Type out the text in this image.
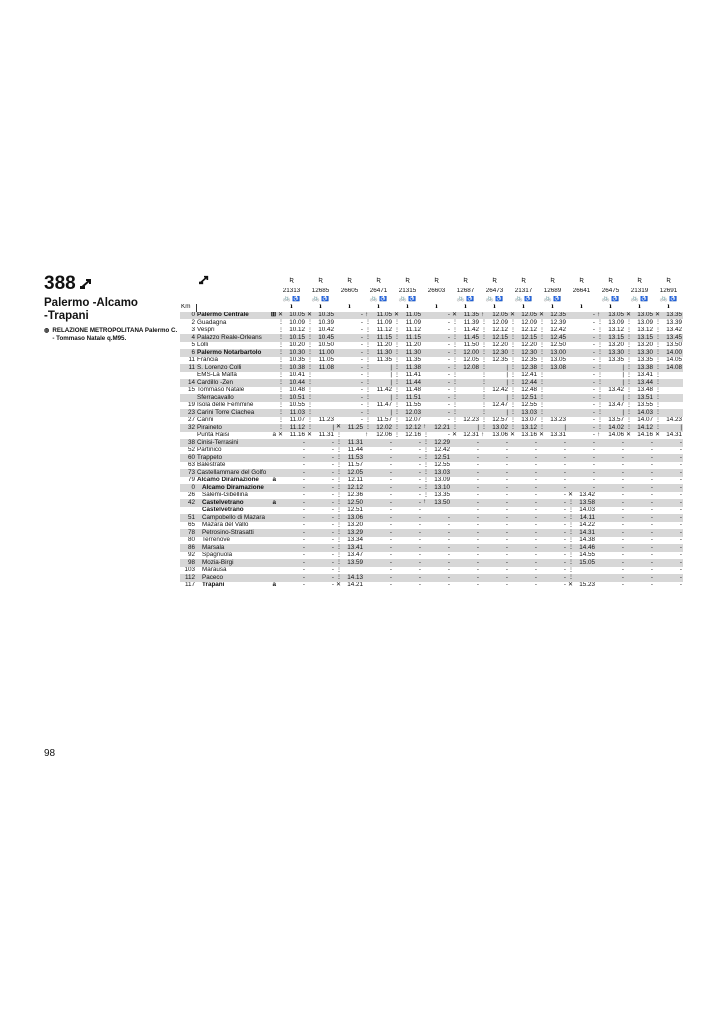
388
Palermo -Alcamo
-Trapani
◍ RELAZIONE METROPOLITANA Palermo C. - Tommaso Natale q.M95.
	Ʀ	Ʀ	Ʀ	Ʀ	Ʀ	Ʀ	Ʀ	Ʀ	Ʀ	Ʀ	Ʀ	Ʀ	Ʀ	Ʀ
		21313	12685	26605	26471	21315	26603	12687	26473	21317	12689	26641	26475	21319	12691
		🚲 ♿	🚲 ♿		🚲 ♿	🚲 ♿		🚲 ♿	🚲 ♿	🚲 ♿	🚲 ♿		🚲 ♿	🚲 ♿	🚲 ♿
Km		ℹ	ℹ	ℹ	ℹ	ℹ	ℹ	ℹ	ℹ	ℹ	ℹ	ℹ	ℹ	ℹ	ℹ
0	Palermo Centrale ⊞	✕ 10.05	✕ 10.35	-	↑ 11.05	✕ 11.05	-	✕ 11.35	↑ 12.05	✕ 12.05	✕ 12.35	-	↑ 13.05	✕ 13.05	✕ 13.35

2	Guadagna	⋮ 10.09	⋮ 10.39	-	⋮ 11.09	⋮ 11.09	-	⋮ 11.39	⋮ 12.09	⋮ 12.09	⋮ 12.39	-	⋮ 13.09	⋮ 13.09	⋮ 13.39

3	Vespri	⋮ 10.12	⋮ 10.42	-	⋮ 11.12	⋮ 11.12	-	⋮ 11.42	⋮ 12.12	⋮ 12.12	⋮ 12.42	-	⋮ 13.12	⋮ 13.12	⋮ 13.42

4	Palazzo Reale-Orleans	⋮ 10.15	⋮ 10.45	-	⋮ 11.15	⋮ 11.15	-	⋮ 11.45	⋮ 12.15	⋮ 12.15	⋮ 12.45	-	⋮ 13.15	⋮ 13.15	⋮ 13.45

5	Lolli	⋮ 10.20	⋮ 10.50	-	⋮ 11.20	⋮ 11.20	-	⋮ 11.50	⋮ 12.20	⋮ 12.20	⋮ 12.50	-	⋮ 13.20	⋮ 13.20	⋮ 13.50

6	Palermo Notarbartolo	⋮ 10.30	⋮ 11.00	-	⋮ 11.30	⋮ 11.30	-	⋮ 12.00	⋮ 12.30	⋮ 12.30	⋮ 13.00	-	⋮ 13.30	⋮ 13.30	⋮ 14.00

11	Francia	⋮ 10.35	⋮ 11.05	-	⋮ 11.35	⋮ 11.35	-	⋮ 12.05	⋮ 12.35	⋮ 12.35	⋮ 13.05	-	⋮ 13.35	⋮ 13.35	⋮ 14.05

11	S. Lorenzo Colli	⋮ 10.38	⋮ 11.08	-	⋮ |	⋮ 11.38	-	⋮ 12.08	⋮ |	⋮ 12.38	⋮ 13.08	-	⋮ |	⋮ 13.38	⋮ 14.08

	EMS-La Malfa	⋮ 10.41	⋮	-	⋮ |	⋮ 11.41	-	⋮	⋮ |	⋮ 12.41	⋮	-	⋮ |	⋮ 13.41	⋮

14	Cardillo -Zen	⋮ 10.44	⋮	-	⋮ |	⋮ 11.44	-	⋮	⋮ |	⋮ 12.44	⋮	-	⋮ |	⋮ 13.44	⋮

15	Tommaso Natale	⋮ 10.48	⋮	-	⋮ 11.42	⋮ 11.48	-	⋮	⋮ 12.42	⋮ 12.48	⋮	-	⋮ 13.42	⋮ 13.48	⋮

	Sferracavallo	⋮ 10.51	⋮	-	⋮ |	⋮ 11.51	-	⋮	⋮ |	⋮ 12.51	⋮	-	⋮ |	⋮ 13.51	⋮

19	Isola delle Femmine	⋮ 10.55	⋮	-	⋮ 11.47	⋮ 11.55	-	⋮	⋮ 12.47	⋮ 12.55	⋮	-	⋮ 13.47	⋮ 13.55	⋮

23	Carini Torre Ciachea	⋮ 11.03	⋮	-	⋮ |	⋮ 12.03	-	⋮	⋮ |	⋮ 13.03	⋮	-	⋮ |	⋮ 14.03	⋮

27	Carini	⋮ 11.07	⋮ 11.23	-	⋮ 11.57	⋮ 12.07	-	⋮ 12.23	⋮ 12.57	⋮ 13.07	⋮ 13.23	-	⋮ 13.57	⋮ 14.07	⋮ 14.23

32	Piraineto	⋮ 11.12	⋮ |	✕ 11.25	⋮ 12.02	⋮ 12.12	↑ 12.21	⋮ |	⋮ 13.02	⋮ 13.12	⋮ |	-	⋮ 14.02	⋮ 14.12	⋮ |

	Punta Raisi a	✕ 11.16	✕ 11.31	⋮	↑ 12.06	⋮ 12.16	⋮ -	✕ 12.31	↑ 13.06	✕ 13.16	✕ 13.31	-	↑ 14.06	✕ 14.16	✕ 14.31

38	Cinisi-Terrasini	-	-	⋮ 11.31	-	-	⋮ 12.29	-	-	-	-	-	-	-	-

52	Partinico	-	-	⋮ 11.44	-	-	⋮ 12.42	-	-	-	-	-	-	-	-

60	Trappeto	-	-	⋮ 11.53	-	-	⋮ 12.51	-	-	-	-	-	-	-	-

63	Balestrate	-	-	⋮ 11.57	-	-	⋮ 12.55	-	-	-	-	-	-	-	-

73	Castellammare del Golfo	-	-	⋮ 12.05	-	-	⋮ 13.03	-	-	-	-	-	-	-	-

79	Alcamo Diramazione a	-	-	⋮ 12.11	-	-	⋮ 13.09	-	-	-	-	-	-	-	-

0	Alcamo Diramazione	-	-	⋮ 12.12	-	-	⋮ 13.10	-	-	-	-	-	-	-	-

26	Salemi-Gibellina	-	-	⋮ 12.36	-	-	⋮ 13.35	-	-	-	-	✕ 13.42	-	-	-

42	Castelvetrano a	-	-	⋮ 12.50	-	-	↑ 13.50	-	-	-	-	⋮ 13.58	-	-	-

	Castelvetrano	-	-	⋮ 12.51	-	-		-	-	-	-	⋮ 14.03	-	-	-

51	Campobello di Mazara	-	-	⋮ 13.06	-	-	-	-	-	-	-	⋮ 14.11	-	-	-

65	Mazara del Vallo	-	-	⋮ 13.20	-	-	-	-	-	-	-	⋮ 14.22	-	-	-

78	Petrosino-Strasatti	-	-	⋮ 13.29	-	-	-	-	-	-	-	⋮ 14.31	-	-	-

80	Terrenove	-	-	⋮ 13.34	-	-	-	-	-	-	-	⋮ 14.38	-	-	-

86	Marsala	-	-	⋮ 13.41	-	-	-	-	-	-	-	⋮ 14.46	-	-	-

92	Spagnuola	-	-	⋮ 13.47	-	-	-	-	-	-	-	⋮ 14.55	-	-	-

98	Mozia-Birgi	-	-	⋮ 13.59	-	-	-	-	-	-	-	⋮ 15.05	-	-	-

103	Marausa	-	-	⋮	-	-	-	-	-	-	-	⋮	-	-	-

112	Paceco	-	-	⋮ 14.13	-	-	-	-	-	-	-	⋮	-	-	-

117	Trapani a	-	-	✕ 14.21	-	-	-	-	-	-	-	✕ 15.23	-	-	-
98
